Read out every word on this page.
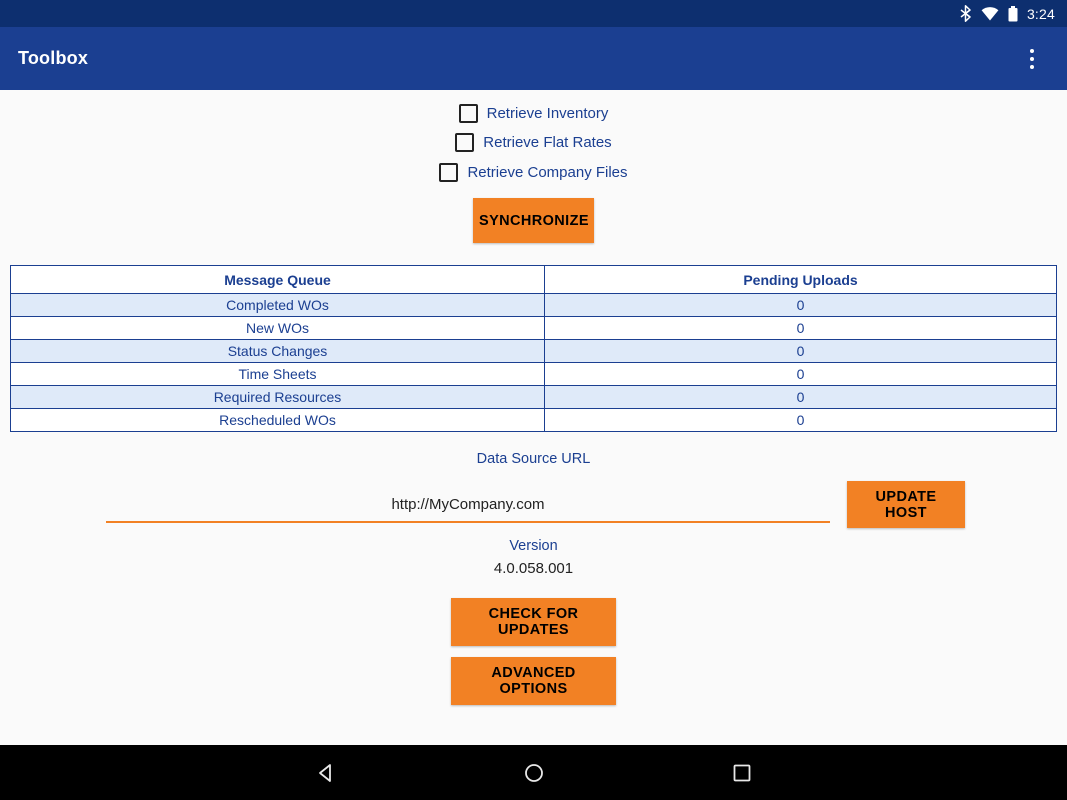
3:24
Toolbox
Retrieve Inventory
Retrieve Flat Rates
Retrieve Company Files
SYNCHRONIZE
Message Queue	Pending Uploads
Completed WOs	0
New WOs	0
Status Changes	0
Time Sheets	0
Required Resources	0
Rescheduled WOs	0
Data Source URL
http://MyCompany.com
UPDATE HOST
Version
4.0.058.001
CHECK FOR UPDATES
ADVANCED OPTIONS
